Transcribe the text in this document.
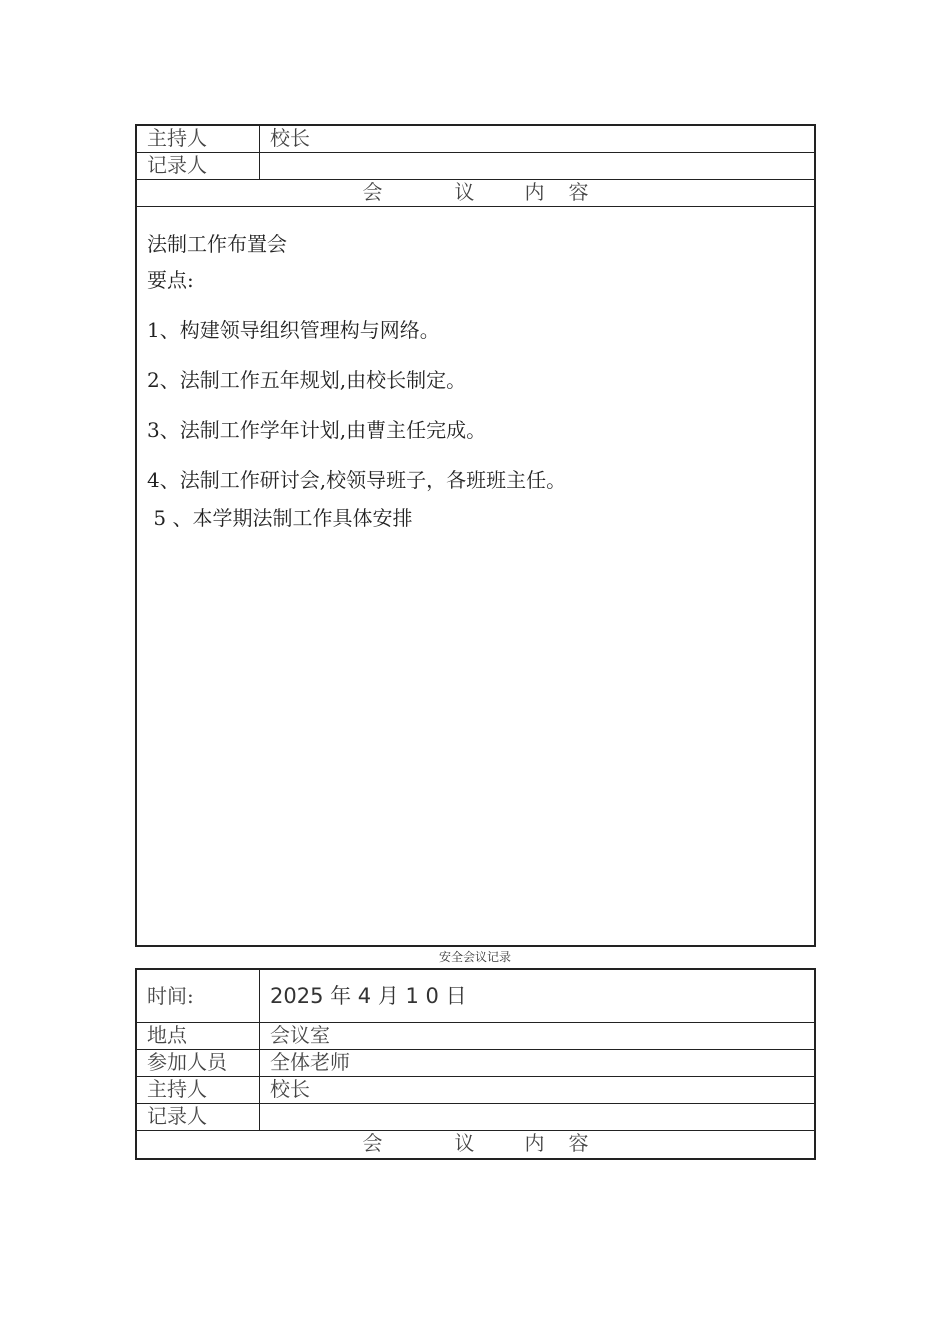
主持人	校长
记录人
会	议	内 容

法制工作布置会

要点:

1、构建领导组织管理构与网络。

2、法制工作五年规划,由校长制定。

3、法制工作学年计划,由曹主任完成。

4、法制工作研讨会,校领导班子，各班班主任。

5 、本学期法制工作具体安排

安全会议记录
时间:	2025 年 4 月 1 0 日
地点	会议室
参加人员	全体老师
主持人	校长
记录人
会	议	内 容
